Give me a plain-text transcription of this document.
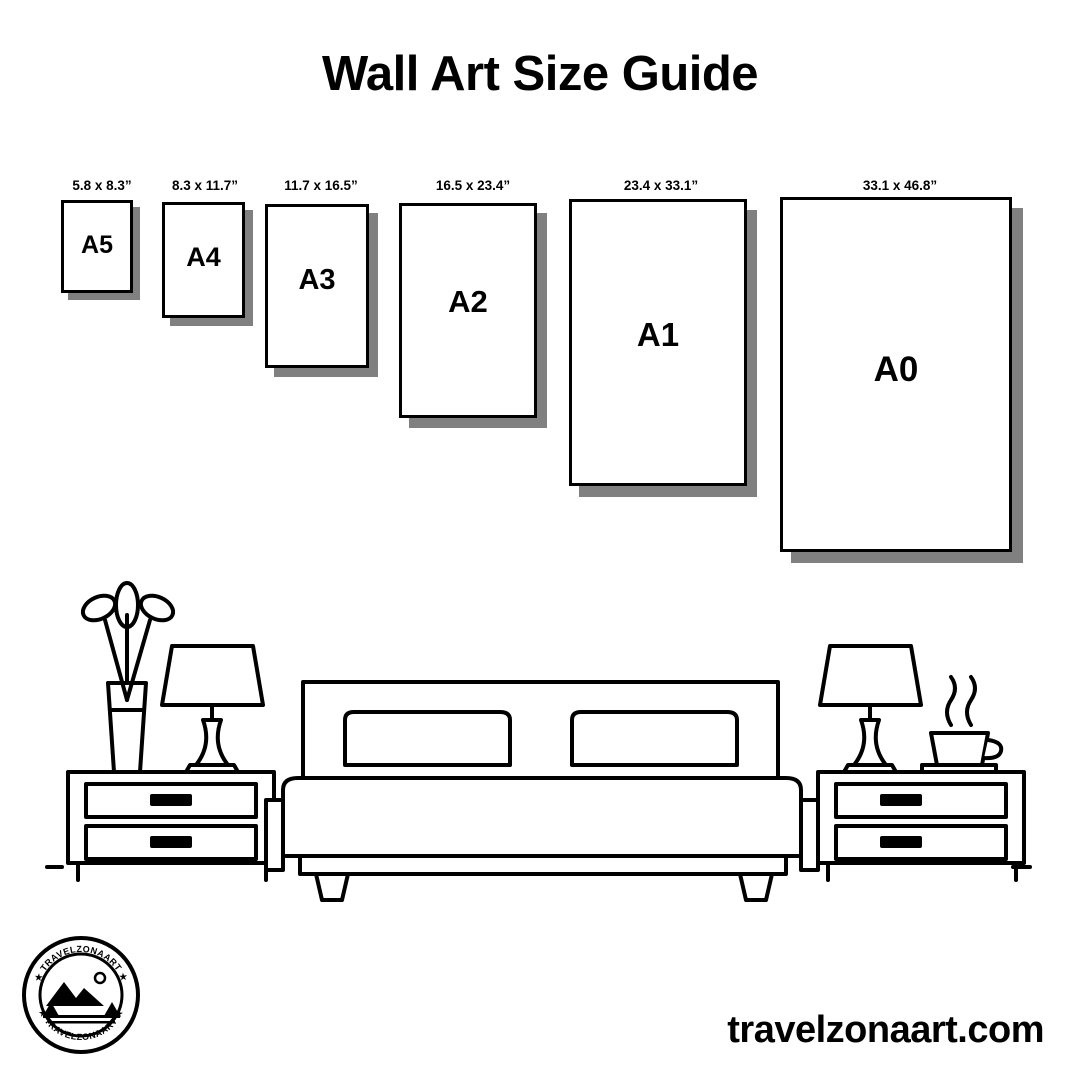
Wall Art Size Guide
5.8 x 8.3”
A5
8.3 x 11.7”
A4
11.7 x 16.5”
A3
16.5 x 23.4”
A2
23.4 x 33.1”
A1
33.1 x 46.8”
A0
★ TRAVELZONAART ★
★ TRAVELZONAART ★	travelzonaart.com
